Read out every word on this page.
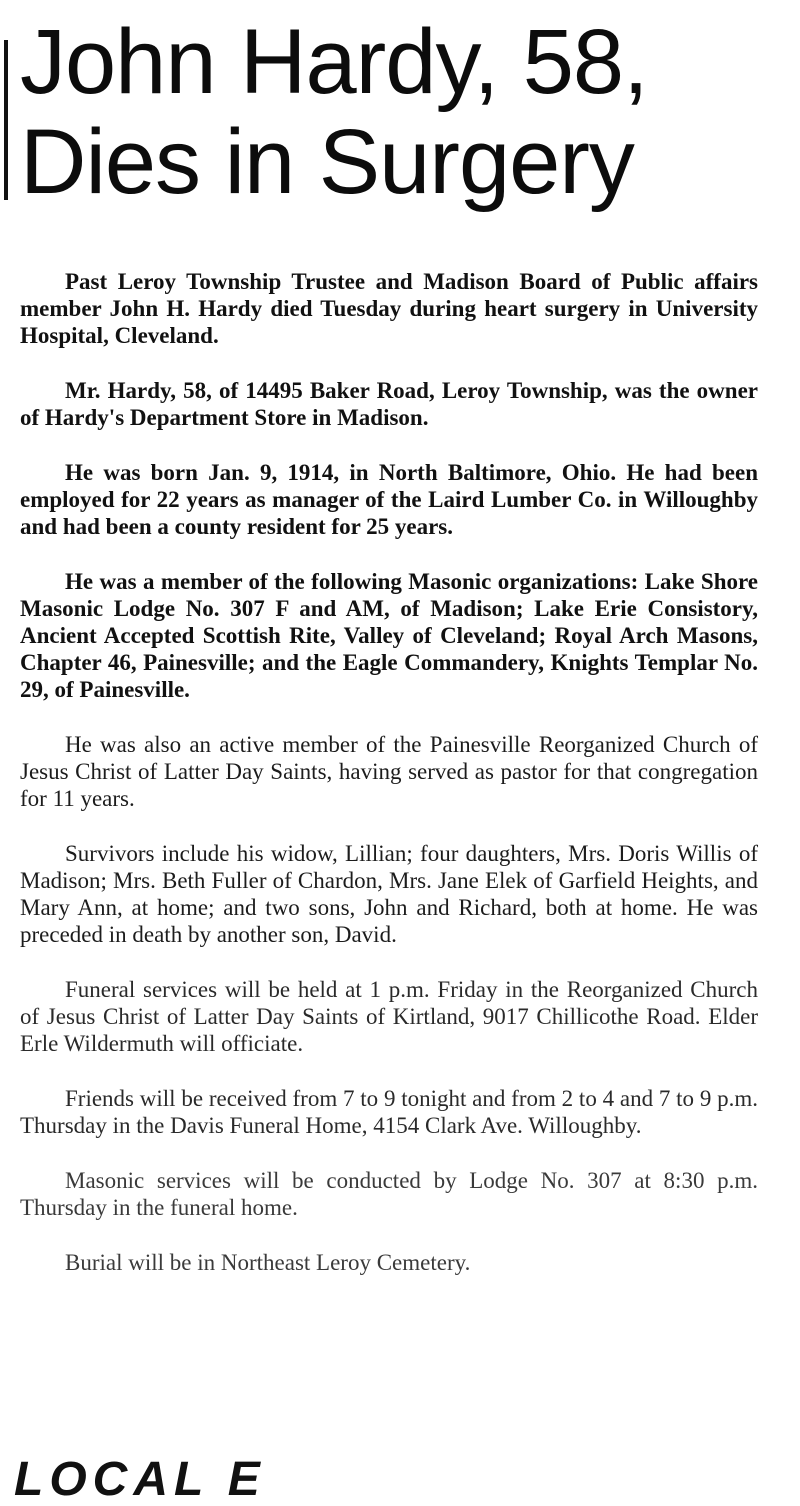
John Hardy, 58,
Dies in Surgery

Past Leroy Township Trustee and Madison Board of Public affairs member John H. Hardy died Tuesday during heart surgery in University Hospital, Cleveland.

Mr. Hardy, 58, of 14495 Baker Road, Leroy Township, was the owner of Hardy's Department Store in Madison.

He was born Jan. 9, 1914, in North Baltimore, Ohio. He had been employed for 22 years as manager of the Laird Lumber Co. in Willoughby and had been a county resident for 25 years.

He was a member of the following Masonic organizations: Lake Shore Masonic Lodge No. 307 F and AM, of Madison; Lake Erie Consistory, Ancient Accepted Scottish Rite, Valley of Cleveland; Royal Arch Masons, Chapter 46, Painesville; and the Eagle Commandery, Knights Templar No. 29, of Painesville.

He was also an active member of the Painesville Reorganized Church of Jesus Christ of Latter Day Saints, having served as pastor for that congregation for 11 years.

Survivors include his widow, Lillian; four daughters, Mrs. Doris Willis of Madison; Mrs. Beth Fuller of Chardon, Mrs. Jane Elek of Garfield Heights, and Mary Ann, at home; and two sons, John and Richard, both at home. He was preceded in death by another son, David.

Funeral services will be held at 1 p.m. Friday in the Reorganized Church of Jesus Christ of Latter Day Saints of Kirtland, 9017 Chillicothe Road. Elder Erle Wildermuth will officiate.

Friends will be received from 7 to 9 tonight and from 2 to 4 and 7 to 9 p.m. Thursday in the Davis Funeral Home, 4154 Clark Ave. Willoughby.

Masonic services will be conducted by Lodge No. 307 at 8:30 p.m. Thursday in the funeral home.

Burial will be in Northeast Leroy Cemetery.

LOCAL E
